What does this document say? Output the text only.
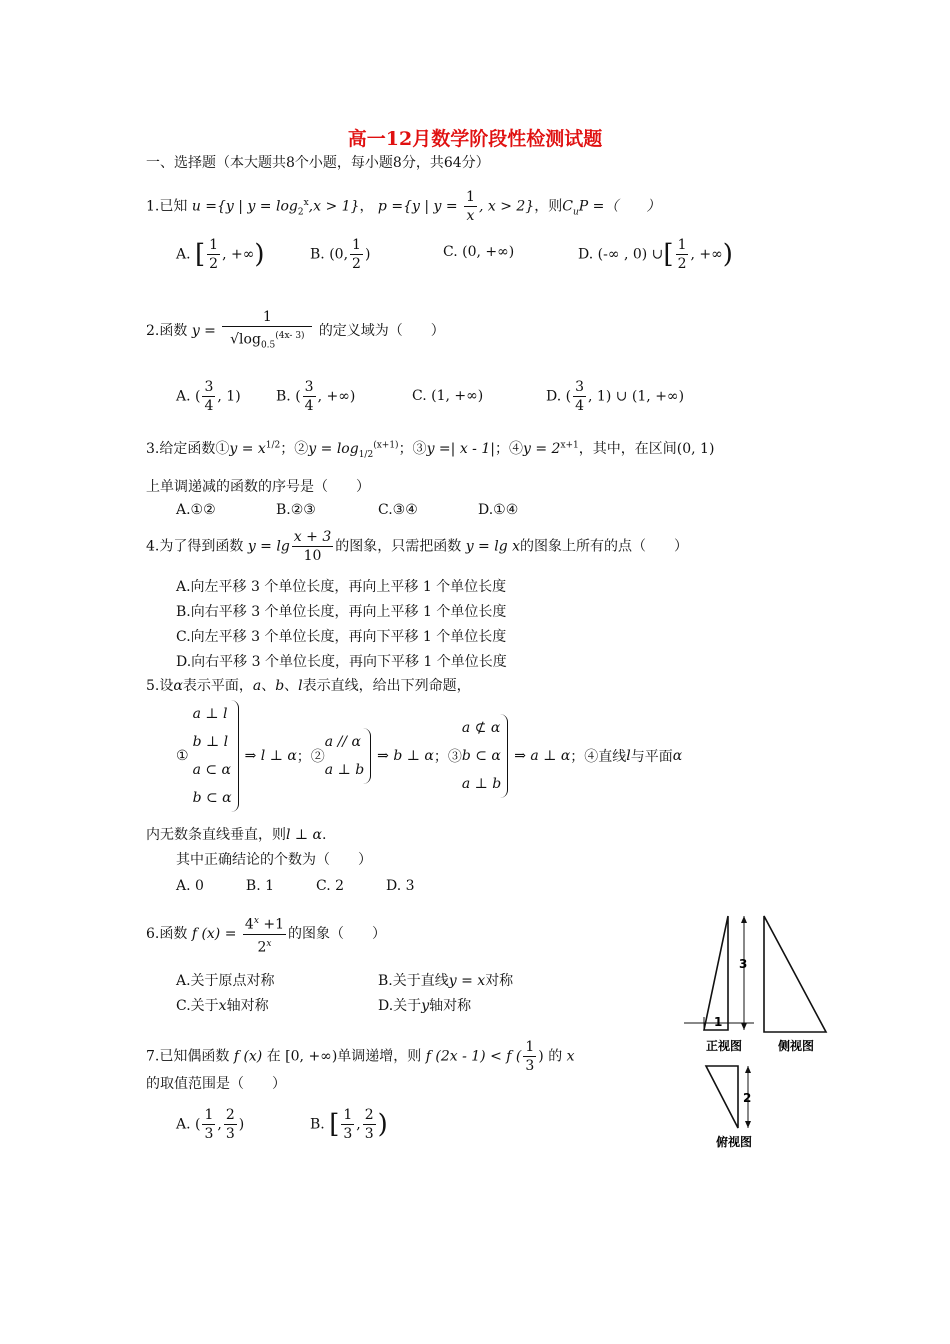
高一12月数学阶段性检测试题
一、选择题（本大题共8个小题，每小题8分，共64分）
1.已知 u ={y | $y = \log_2^x,x > 1$}， p ={y | $y = \frac{1}{x}$ , x > 2}，则$C_uP$ =（　　）
A. [ $\frac{1}{2}$ , +∞)	B. (0, $\frac{1}{2}$ )	C. (0, +∞)	D. (-∞ , 0) ∪[ $\frac{1}{2}$ , +∞)
2.函数 $y = \frac{1}{√\log_{0.5}^{(4x- 3)}}$ 的定义域为（　　）
A. ( $\frac{3}{4}$ , 1)	B. ( $\frac{3}{4}$ , +∞)	C. (1, +∞)	D. ( $\frac{3}{4}$ , 1) ∪ (1, +∞)
3.给定函数①y = $x^{1/2}$；②y = $\log_{1/2}^{(x+1)}$；③y =| x - 1|；④y = $2^{x+1}$，其中，在区间(0, 1)
上单调递减的函数的序号是（　　）
A.①②	B.②③	C.③④	D.①④
4.为了得到函数 $y = \lg \frac{x + 3}{10}$ 的图象，只需把函数 y = lg x的图象上所有的点（　　）
A.向左平移 3 个单位长度，再向上平移 1 个单位长度
B.向右平移 3 个单位长度，再向上平移 1 个单位长度
C.向左平移 3 个单位长度，再向下平移 1 个单位长度
D.向右平移 3 个单位长度，再向下平移 1 个单位长度
5.设α表示平面，a、b、l表示直线，给出下列命题，
①
a ⊥ l
b ⊥ l
a ⊂ α
b ⊂ α
⇒ l ⊥ α ；②
a // α
a ⊥ b
⇒ b ⊥ α ；③
a ⊄ α
b ⊂ α
a ⊥ b
⇒ a ⊥ α ；④直线 l 与平面 α
内无数条直线垂直，则l ⊥ α.
其中正确结论的个数为（　　）
A. 0　　　B. 1　　　C. 2　　　D. 3
6.函数 f $(x) = \frac{4^x +1}{2^x}$ 的图象（　　）
A.关于原点对称	B.关于直线y = x对称
C.关于x轴对称	D.关于y轴对称
7.已知偶函数 f (x) 在 [0, +∞)单调递增，则 f (2x - 1) < f ( $\frac{1}{3}$ ) 的 x
的取值范围是（　　）
A. ( $\frac{1}{3}$ , $\frac{2}{3}$ )	B. [ $\frac{1}{3}$ , $\frac{2}{3}$ )
3
1
正视图	侧视图
2
俯视图
